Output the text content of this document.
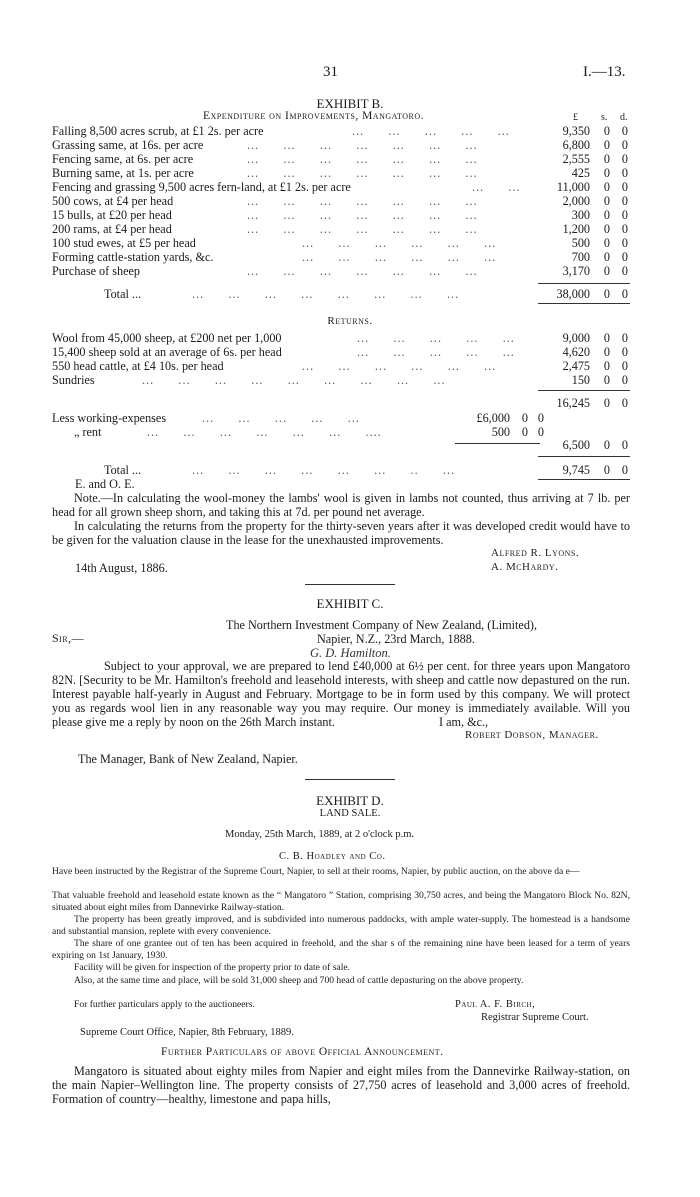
31	I.—13.
EXHIBIT B.
Expenditure on Improvements, Mangatoro.	£ s. d.
Falling 8,500 acres scrub, at £1 2s. per acre	...      ...      ...      ...      ...	9,350	0 0
Grassing same, at 16s. per acre	...      ...      ...      ...      ...      ...      ...	6,800	0 0
Fencing same, at 6s. per acre	...      ...      ...      ...      ...      ...      ...	2,555	0 0
Burning same, at 1s. per acre	...      ...      ...      ...      ...      ...      ...	425	0 0
Fencing and grassing 9,500 acres fern-land, at £1 2s. per acre	...      ...	11,000	0 0
500 cows, at £4 per head	...      ...      ...      ...      ...      ...      ...	2,000	0 0
15 bulls, at £20 per head	...      ...      ...      ...      ...      ...      ...	300	0 0
200 rams, at £4 per head	...      ...      ...      ...      ...      ...      ...	1,200	0 0
100 stud ewes, at £5 per head	...      ...      ...      ...      ...      ...	500	0 0
Forming cattle-station yards, &c.	...      ...      ...      ...      ...      ...	700	0 0
Purchase of sheep	...      ...      ...      ...      ...      ...      ...	3,170	0 0
Total ...	...      ...      ...      ...      ...      ...      ...      ...	38,000	0 0
Returns.
Wool from 45,000 sheep, at £200 net per 1,000	...      ...      ...      ...      ...	9,000	0 0
15,400 sheep sold at an average of 6s. per head	...      ...      ...      ...      ...	4,620	0 0
550 head cattle, at £4 10s. per head	...      ...      ...      ...      ...      ...	2,475	0 0
Sundries	...      ...      ...      ...      ...      ...      ...      ...      ...	150	0 0
16,245	0 0
Less working-expenses	...      ...      ...      ...      ...	£6,000 0 0
„ rent	...      ...      ...      ...      ...      ...      ....	500 0 0
6,500	0 0
Total ...	...      ...      ...      ...      ...      ...      ..      ...	9,745	0 0
E. and O. E.
Note.—In calculating the wool-money the lambs' wool is given in lambs not counted, thus arriving at 7 lb. per head for all grown sheep shorn, and taking this at 7d. per pound net average.
In calculating the returns from the property for the thirty-seven years after it was developed credit would have to be given for the valuation clause in the lease for the unexhausted improvements.
Alfred R. Lyons.
14th August, 1886.	A. McHardy.
EXHIBIT C.
The Northern Investment Company of New Zealand, (Limited),
Sir,—	Napier, N.Z., 23rd March, 1888.
G. D. Hamilton.
Subject to your approval, we are prepared to lend £40,000 at 6½ per cent. for three years upon Mangatoro 82N. [Security to be Mr. Hamilton's freehold and leasehold interests, with sheep and cattle now depastured on the run. Interest payable half-yearly in August and February. Mortgage to be in form used by this company. We will protect you as regards wool lien in any reasonable way you may require. Our money is immediately available. Will you please give me a reply by noon on the 26th March instant.	I am, &c.,
Robert Dobson, Manager.
The Manager, Bank of New Zealand, Napier.
EXHIBIT D.
LAND SALE.
Monday, 25th March, 1889, at 2 o'clock p.m.
C. B. Hoadley and Co.
Have been instructed by the Registrar of the Supreme Court, Napier, to sell at their rooms, Napier, by public auction, on the above da e—
That valuable freehold and leasehold estate known as the “ Mangatoro ” Station, comprising 30,750 acres, and being the Mangatoro Block No. 82N, situated about eight miles from Dannevirke Railway-station.
The property has been greatly improved, and is subdivided into numerous paddocks, with ample water-supply. The homestead is a handsome and substantial mansion, replete with every convenience.
The share of one grantee out of ten has been acquired in freehold, and the shar s of the remaining nine have been leased for a term of years expiring on 1st January, 1930.
Facility will be given for inspection of the property prior to date of sale.
Also, at the same time and place, will be sold 31,000 sheep and 700 head of cattle depasturing on the above property.
For further particulars apply to the auctioneers.	Paul A. F. Birch,
Registrar Supreme Court.
Supreme Court Office, Napier, 8th February, 1889.
Further Particulars of above Official Announcement.
Mangatoro is situated about eighty miles from Napier and eight miles from the Dannevirke Railway-station, on the main Napier–Wellington line. The property consists of 27,750 acres of leasehold and 3,000 acres of freehold. Formation of country—healthy, limestone and papa hills,
